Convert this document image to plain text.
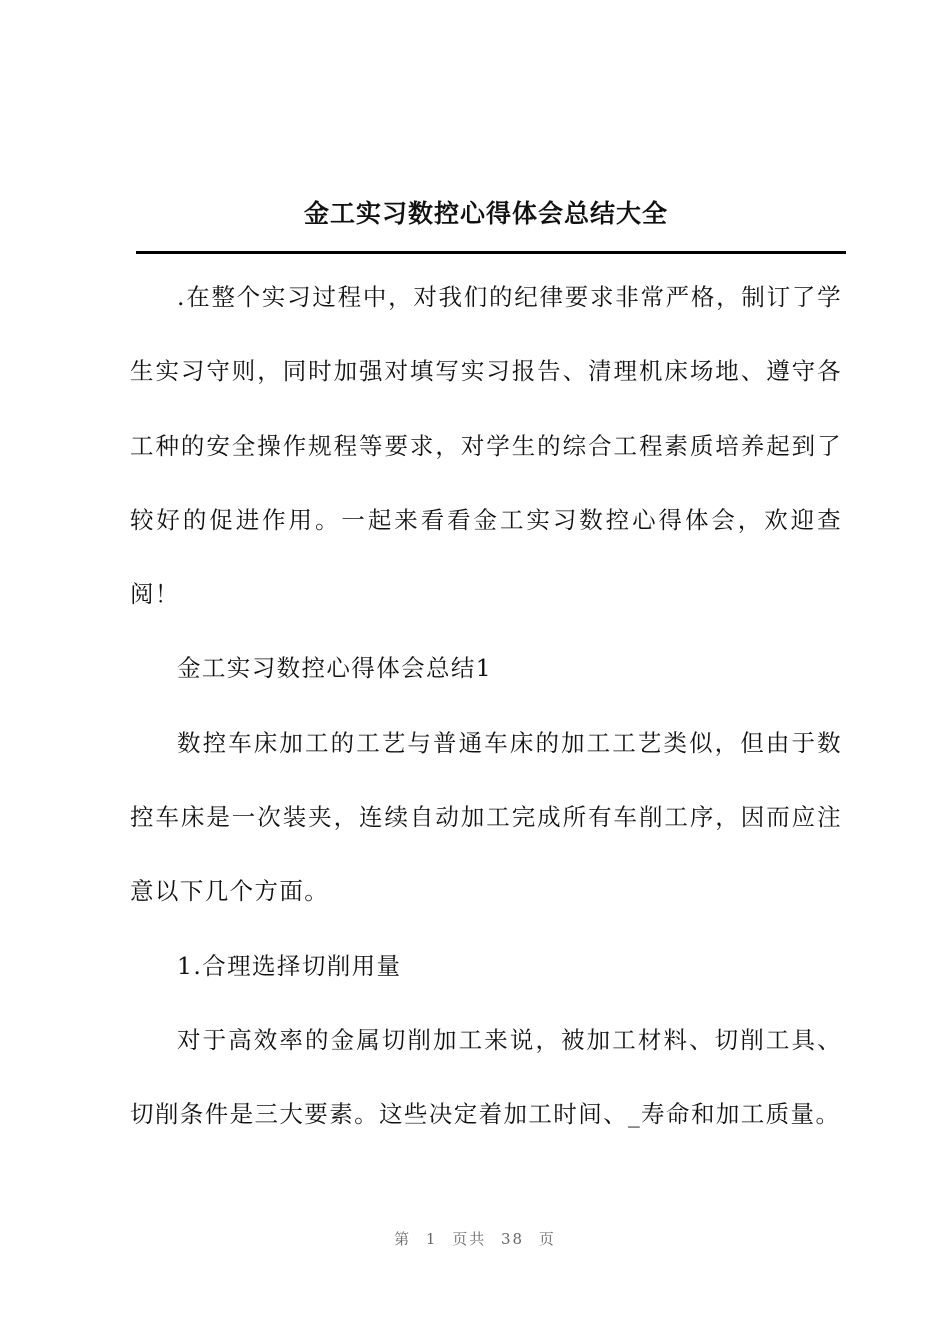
金工实习数控心得体会总结大全

.在整个实习过程中，对我们的纪律要求非常严格，制订了学生实习守则，同时加强对填写实习报告、清理机床场地、遵守各工种的安全操作规程等要求，对学生的综合工程素质培养起到了较好的促进作用。一起来看看金工实习数控心得体会，欢迎查阅！

金工实习数控心得体会总结1

数控车床加工的工艺与普通车床的加工工艺类似，但由于数控车床是一次装夹，连续自动加工完成所有车削工序，因而应注意以下几个方面。

1.合理选择切削用量

对于高效率的金属切削加工来说，被加工材料、切削工具、切削条件是三大要素。这些决定着加工时间、_寿命和加工质量。

第 1 页共 38 页
